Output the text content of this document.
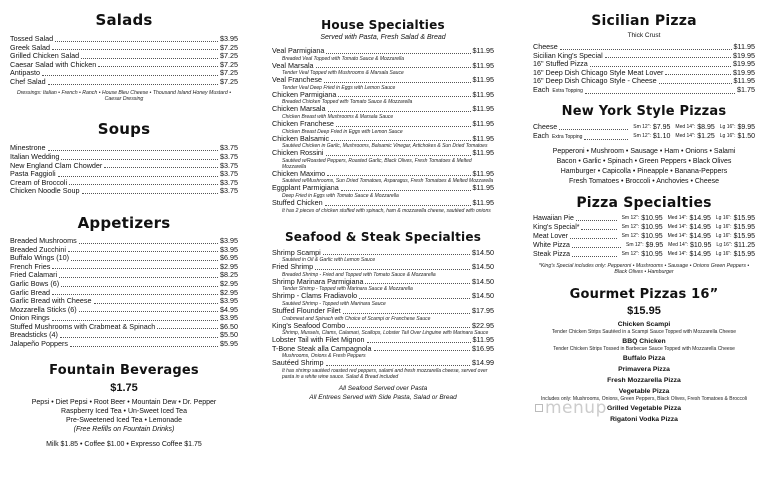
Salads
Tossed Salad	$3.95
Greek Salad	$7.25
Grilled Chicken Salad	$7.25
Caesar Salad with Chicken	$7.25
Antipasto	$7.25
Chef Salad	$7.25
Dressings: Italian • French • Ranch • House Bleu Cheese • Thousand Island Honey Mustard • Caesar Dressing
Soups
Minestrone	$3.75
Italian Wedding	$3.75
New England Clam Chowder	$3.75
Pasta Faggioli	$3.75
Cream of Broccoli	$3.75
Chicken Noodle Soup	$3.75
Appetizers
Breaded Mushrooms	$3.95
Breaded Zucchini	$3.95
Buffalo Wings (10)	$6.95
French Fries	$2.95
Fried Calamari	$8.25
Garlic Bows (6)	$2.95
Garlic Bread	$2.95
Garlic Bread with Cheese	$3.95
Mozzarella Sticks (6)	$4.95
Onion Rings	$3.95
Stuffed Mushrooms with Crabmeat & Spinach	$6.50
Breadsticks (4)	$5.50
Jalapeño Poppers	$5.95
Fountain Beverages
$1.75
Pepsi • Diet Pepsi • Root Beer • Mountain Dew • Dr. Pepper
Raspberry Iced Tea • Un-Sweet Iced Tea
Pre-Sweetened Iced Tea • Lemonade
(Free Refills on Fountain Drinks)
Milk $1.85 • Coffee $1.00 • Expresso Coffee $1.75
House Specialties
Served with Pasta, Fresh Salad & Bread
Veal Parmigiana	$11.95
Breaded Veal Topped with Tomato Sauce & Mozzarella
Veal Marsala	$11.95
Tender Veal Topped with Mushrooms & Marsala Sauce
Veal Franchese	$11.95
Tender Veal Deep Fried in Eggs with Lemon Sauce
Chicken Parmigiana	$11.95
Breaded Chicken Topped with Tomato Sauce & Mozzarella
Chicken Marsala	$11.95
Chicken Breast with Mushrooms & Marsala Sauce
Chicken Franchese	$11.95
Chicken Breast Deep Fried in Eggs with Lemon Sauce
Chicken Balsamic	$11.95
Sautéed Chicken in Garlic, Mushrooms, Balsamic Vinegar, Artichokes & Sun Dried Tomatoes
Chicken Rossini	$11.95
Sautéed w/Roasted Peppers, Roasted Garlic, Black Olives, Fresh Tomatoes & Melted Mozzarella
Chicken Maximo	$11.95
Sautéed w/Mushrooms, Sun Dried Tomatoes, Asparagus, Fresh Tomatoes & Melted Mozzarella
Eggplant Parmigiana	$11.95
Deep Fried in Eggs with Tomato Sauce & Mozzarella
Stuffed Chicken	$11.95
It has 2 pieces of chicken stuffed with spinach, ham & mozzarella cheese, sautéed with onions
Seafood & Steak Specialties
Shrimp Scampi	$14.50
Sautéed in Oil & Garlic with Lemon Sauce
Fried Shrimp	$14.50
Breaded Shrimp - Fried and Topped with Tomato Sauce & Mozzarella
Shrimp Marinara Parmigiana	$14.50
Tender Shrimp - Topped with Marinara Sauce & Mozzarella
Shrimp - Clams Fradiavolo	$14.50
Sautéed Shrimp - Topped with Marinara Sauce
Stuffed Flounder Filet	$17.95
Crabmeat and Spinach with Choice of Scampi or Franchese Sauce
King's Seafood Combo	$22.95
Shrimp, Mussels, Clams, Calamari, Scallops, Lobster Tail Over Linguine with Marinara Sauce
Lobster Tail with Filet Mignon	$11.95
T-Bone Steak alla Campagnola	$16.95
Mushrooms, Onions & Fresh Peppers
Sautéed Shrimp	$14.99
It has shrimp sautéed roasted red peppers, salami and fresh mozzarella cheese, served over pasta in a white wine sauce. Salad & Bread included
All Seafood Served over Pasta
All Entrees Served with Side Pasta, Salad or Bread
Sicilian Pizza
Thick Crust
Cheese	$11.95
Sicilian King's Special	$19.95
16" Stuffed Pizza	$19.95
16" Deep Dish Chicago Style Meat Lover	$19.95
16" Deep Dish Chicago Style - Cheese	$11.95
Each Extra Topping	$1.75
New York Style Pizzas
Cheese	Sm 12": $7.95 Med 14": $8.95 Lg 16": $9.95
Each Extra Topping	Sm 12": $1.10 Med 14": $1.25 Lg 16": $1.50
Pepperoni • Mushroom • Sausage • Ham • Onions • Salami
Bacon • Garlic • Spinach • Green Peppers • Black Olives
Hamburger • Capicolla • Pineapple • Banana-Peppers
Fresh Tomatoes • Broccoli • Anchovies • Cheese
Pizza Specialties
Hawaiian Pie	Sm 12": $10.95 Med 14": $14.95 Lg 16": $15.95
King's Special*	Sm 12": $10.95 Med 14": $14.95 Lg 16": $15.95
Meat Lover	Sm 12": $10.95 Med 14": $14.95 Lg 16": $15.95
White Pizza	Sm 12": $9.95 Med 14": $10.95 Lg 16": $11.25
Steak Pizza	Sm 12": $10.95 Med 14": $14.95 Lg 16": $15.95
*King's Special includes only: Pepperoni • Mushrooms • Sausage • Onions Green Peppers • Black Olives • Hamburger
Gourmet Pizzas 16”
$15.95
Chicken Scampi
Tender Chicken Strips Sautéed in a Scampi Sauce Topped with Mozzarella Cheese
BBQ Chicken
Tender Chicken Strips Tossed in Barbecue Sauce Topped with Mozzarella Cheese
Buffalo Pizza
Primavera Pizza
Fresh Mozzarella Pizza
Vegetable Pizza
Includes only: Mushrooms, Onions, Green Peppers, Black Olives, Fresh Tomatoes & Broccoli
Grilled Vegetable Pizza
Rigatoni Vodka Pizza
menup
